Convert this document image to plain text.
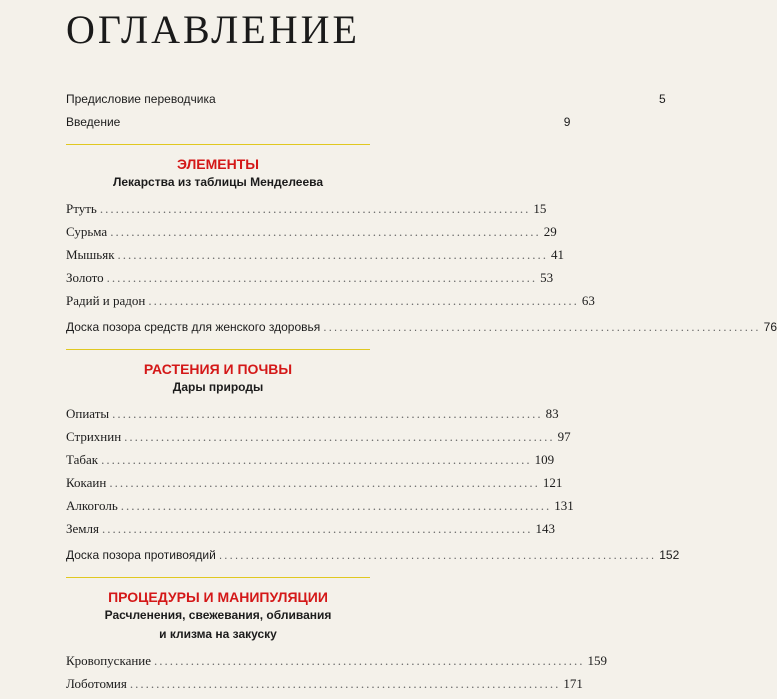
ОГЛАВЛЕНИЕ
Предисловие переводчика	5
Введение	9
ЭЛЕМЕНТЫ
Лекарства из таблицы Менделеева
Ртуть .................................................................................. 15
Сурьма .................................................................................. 29
Мышьяк .................................................................................. 41
Золото .................................................................................. 53
Радий и радон .................................................................................. 63
Доска позора средств для женского здоровья .................................................................................. 76
РАСТЕНИЯ И ПОЧВЫ
Дары природы
Опиаты .................................................................................. 83
Стрихнин .................................................................................. 97
Табак .................................................................................. 109
Кокаин .................................................................................. 121
Алкоголь .................................................................................. 131
Земля .................................................................................. 143
Доска позора противоядий .................................................................................. 152
ПРОЦЕДУРЫ И МАНИПУЛЯЦИИ
Расчленения, свежевания, обливания
и клизма на закуску
Кровопускание .................................................................................. 159
Лоботомия .................................................................................. 171
